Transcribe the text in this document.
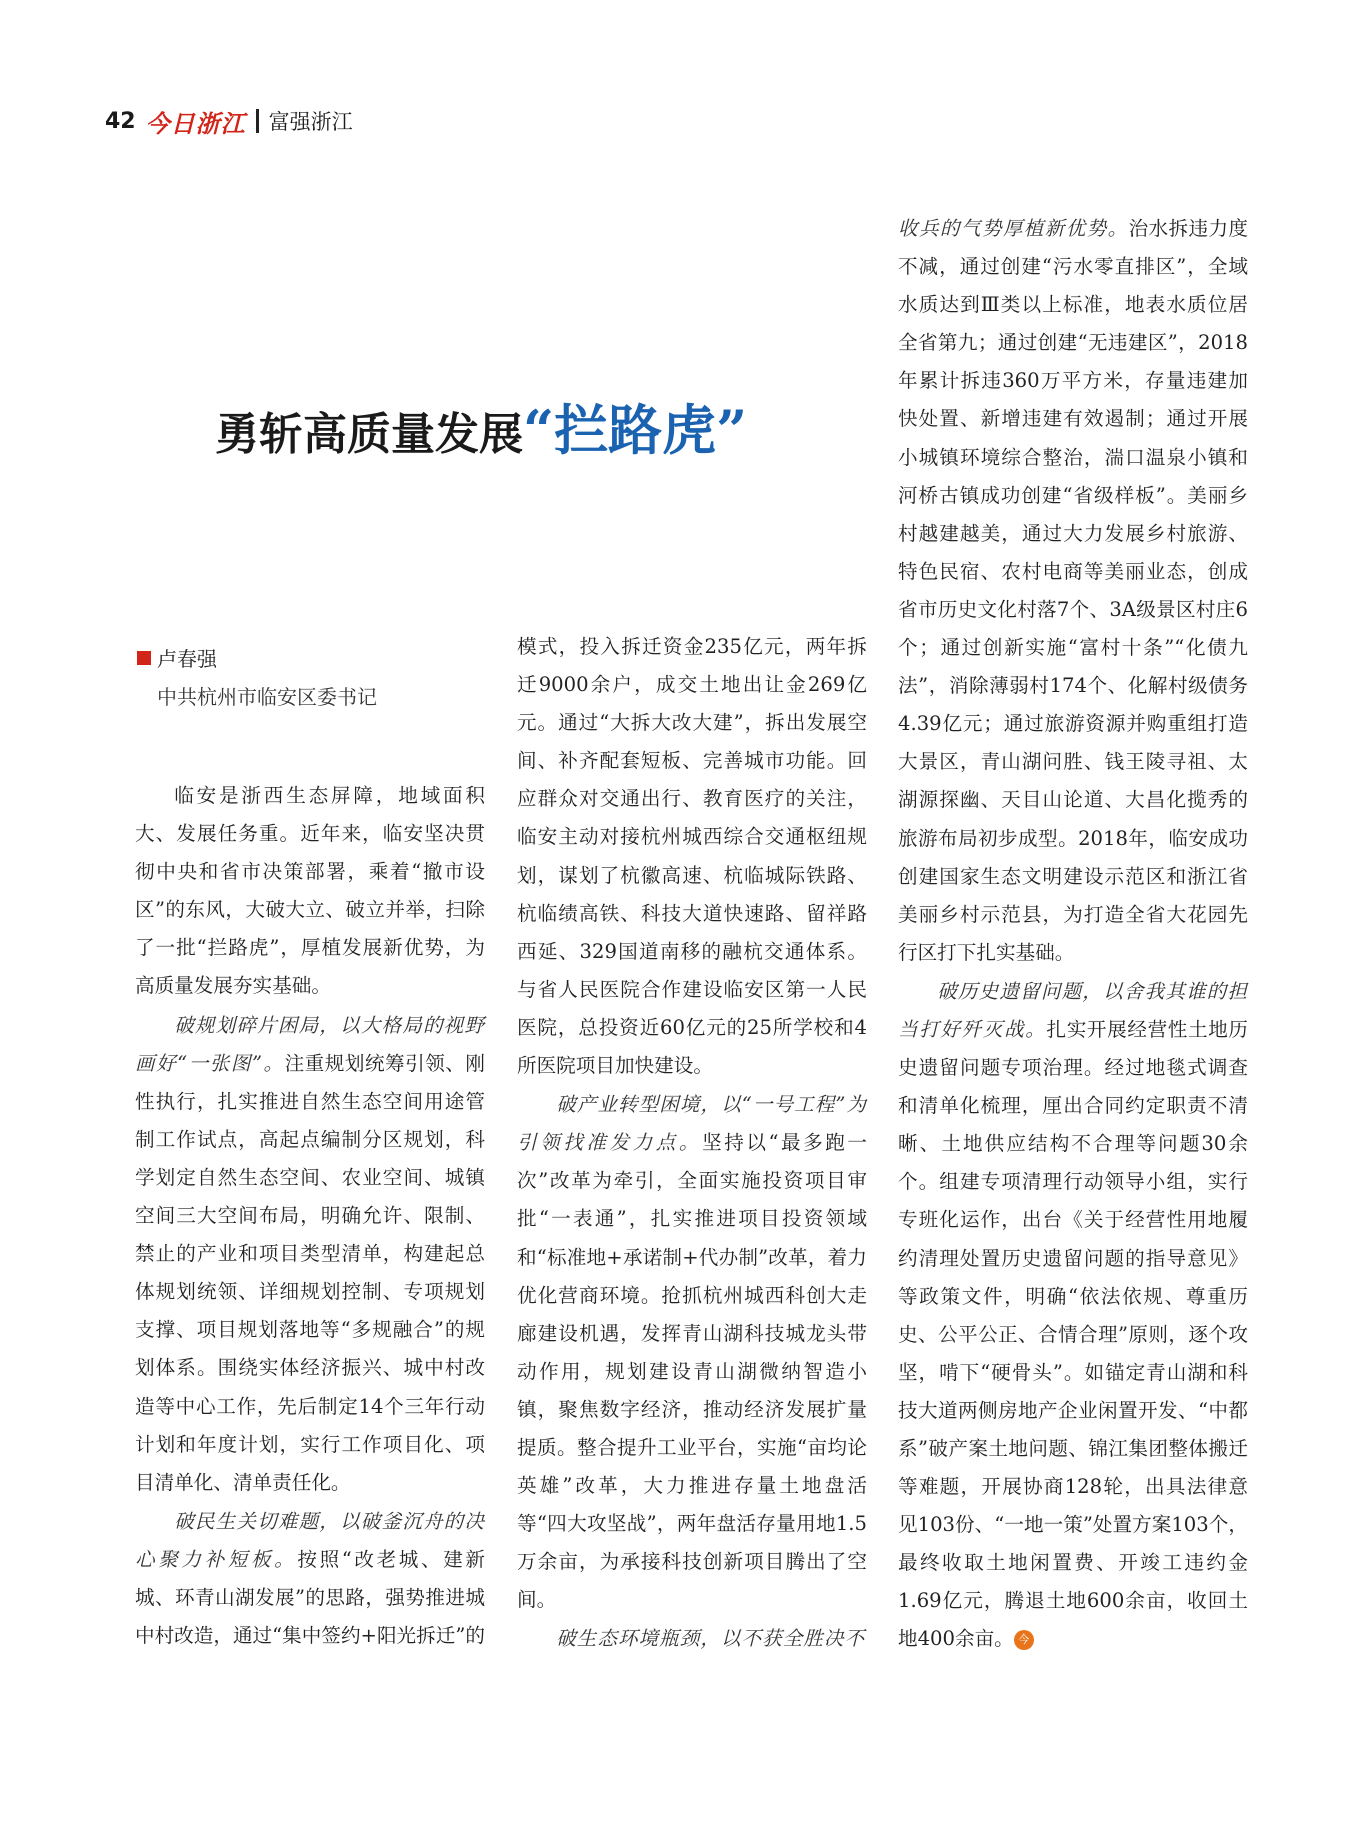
42 今日浙江 富强浙江
勇斩高质量发展“拦路虎”
卢春强
中共杭州市临安区委书记

临安是浙西生态屏障，地域面积大、发展任务重。近年来，临安坚决贯彻中央和省市决策部署，乘着“撤市设区”的东风，大破大立、破立并举，扫除了一批“拦路虎”，厚植发展新优势，为高质量发展夯实基础。

破规划碎片困局，以大格局的视野画好“一张图”。注重规划统筹引领、刚性执行，扎实推进自然生态空间用途管制工作试点，高起点编制分区规划，科学划定自然生态空间、农业空间、城镇空间三大空间布局，明确允许、限制、禁止的产业和项目类型清单，构建起总体规划统领、详细规划控制、专项规划支撑、项目规划落地等“多规融合”的规划体系。围绕实体经济振兴、城中村改造等中心工作，先后制定14个三年行动计划和年度计划，实行工作项目化、项目清单化、清单责任化。

破民生关切难题，以破釜沉舟的决心聚力补短板。按照“改老城、建新城、环青山湖发展”的思路，强势推进城中村改造，通过“集中签约+阳光拆迁”的

模式，投入拆迁资金235亿元，两年拆迁9000余户，成交土地出让金269亿元。通过“大拆大改大建”，拆出发展空间、补齐配套短板、完善城市功能。回应群众对交通出行、教育医疗的关注，临安主动对接杭州城西综合交通枢纽规划，谋划了杭徽高速、杭临城际铁路、杭临绩高铁、科技大道快速路、留祥路西延、329国道南移的融杭交通体系。与省人民医院合作建设临安区第一人民医院，总投资近60亿元的25所学校和4所医院项目加快建设。

破产业转型困境，以“一号工程”为引领找准发力点。坚持以“最多跑一次”改革为牵引，全面实施投资项目审批“一表通”，扎实推进项目投资领域和“标准地+承诺制+代办制”改革，着力优化营商环境。抢抓杭州城西科创大走廊建设机遇，发挥青山湖科技城龙头带动作用，规划建设青山湖微纳智造小镇，聚焦数字经济，推动经济发展扩量提质。整合提升工业平台，实施“亩均论英雄”改革，大力推进存量土地盘活等“四大攻坚战”，两年盘活存量用地1.5万余亩，为承接科技创新项目腾出了空间。

破生态环境瓶颈，以不获全胜决不

收兵的气势厚植新优势。治水拆违力度不减，通过创建“污水零直排区”，全域水质达到Ⅲ类以上标准，地表水质位居全省第九；通过创建“无违建区”，2018年累计拆违360万平方米，存量违建加快处置、新增违建有效遏制；通过开展小城镇环境综合整治，湍口温泉小镇和河桥古镇成功创建“省级样板”。美丽乡村越建越美，通过大力发展乡村旅游、特色民宿、农村电商等美丽业态，创成省市历史文化村落7个、3A级景区村庄6个；通过创新实施“富村十条”“化债九法”，消除薄弱村174个、化解村级债务4.39亿元；通过旅游资源并购重组打造大景区，青山湖问胜、钱王陵寻祖、太湖源探幽、天目山论道、大昌化揽秀的旅游布局初步成型。2018年，临安成功创建国家生态文明建设示范区和浙江省美丽乡村示范县，为打造全省大花园先行区打下扎实基础。

破历史遗留问题，以舍我其谁的担当打好歼灭战。扎实开展经营性土地历史遗留问题专项治理。经过地毯式调查和清单化梳理，厘出合同约定职责不清晰、土地供应结构不合理等问题30余个。组建专项清理行动领导小组，实行专班化运作，出台《关于经营性用地履约清理处置历史遗留问题的指导意见》等政策文件，明确“依法依规、尊重历史、公平公正、合情合理”原则，逐个攻坚，啃下“硬骨头”。如锚定青山湖和科技大道两侧房地产企业闲置开发、“中都系”破产案土地问题、锦江集团整体搬迁等难题，开展协商128轮，出具法律意见103份、“一地一策”处置方案103个，最终收取土地闲置费、开竣工违约金1.69亿元，腾退土地600余亩，收回土地400余亩。 今
